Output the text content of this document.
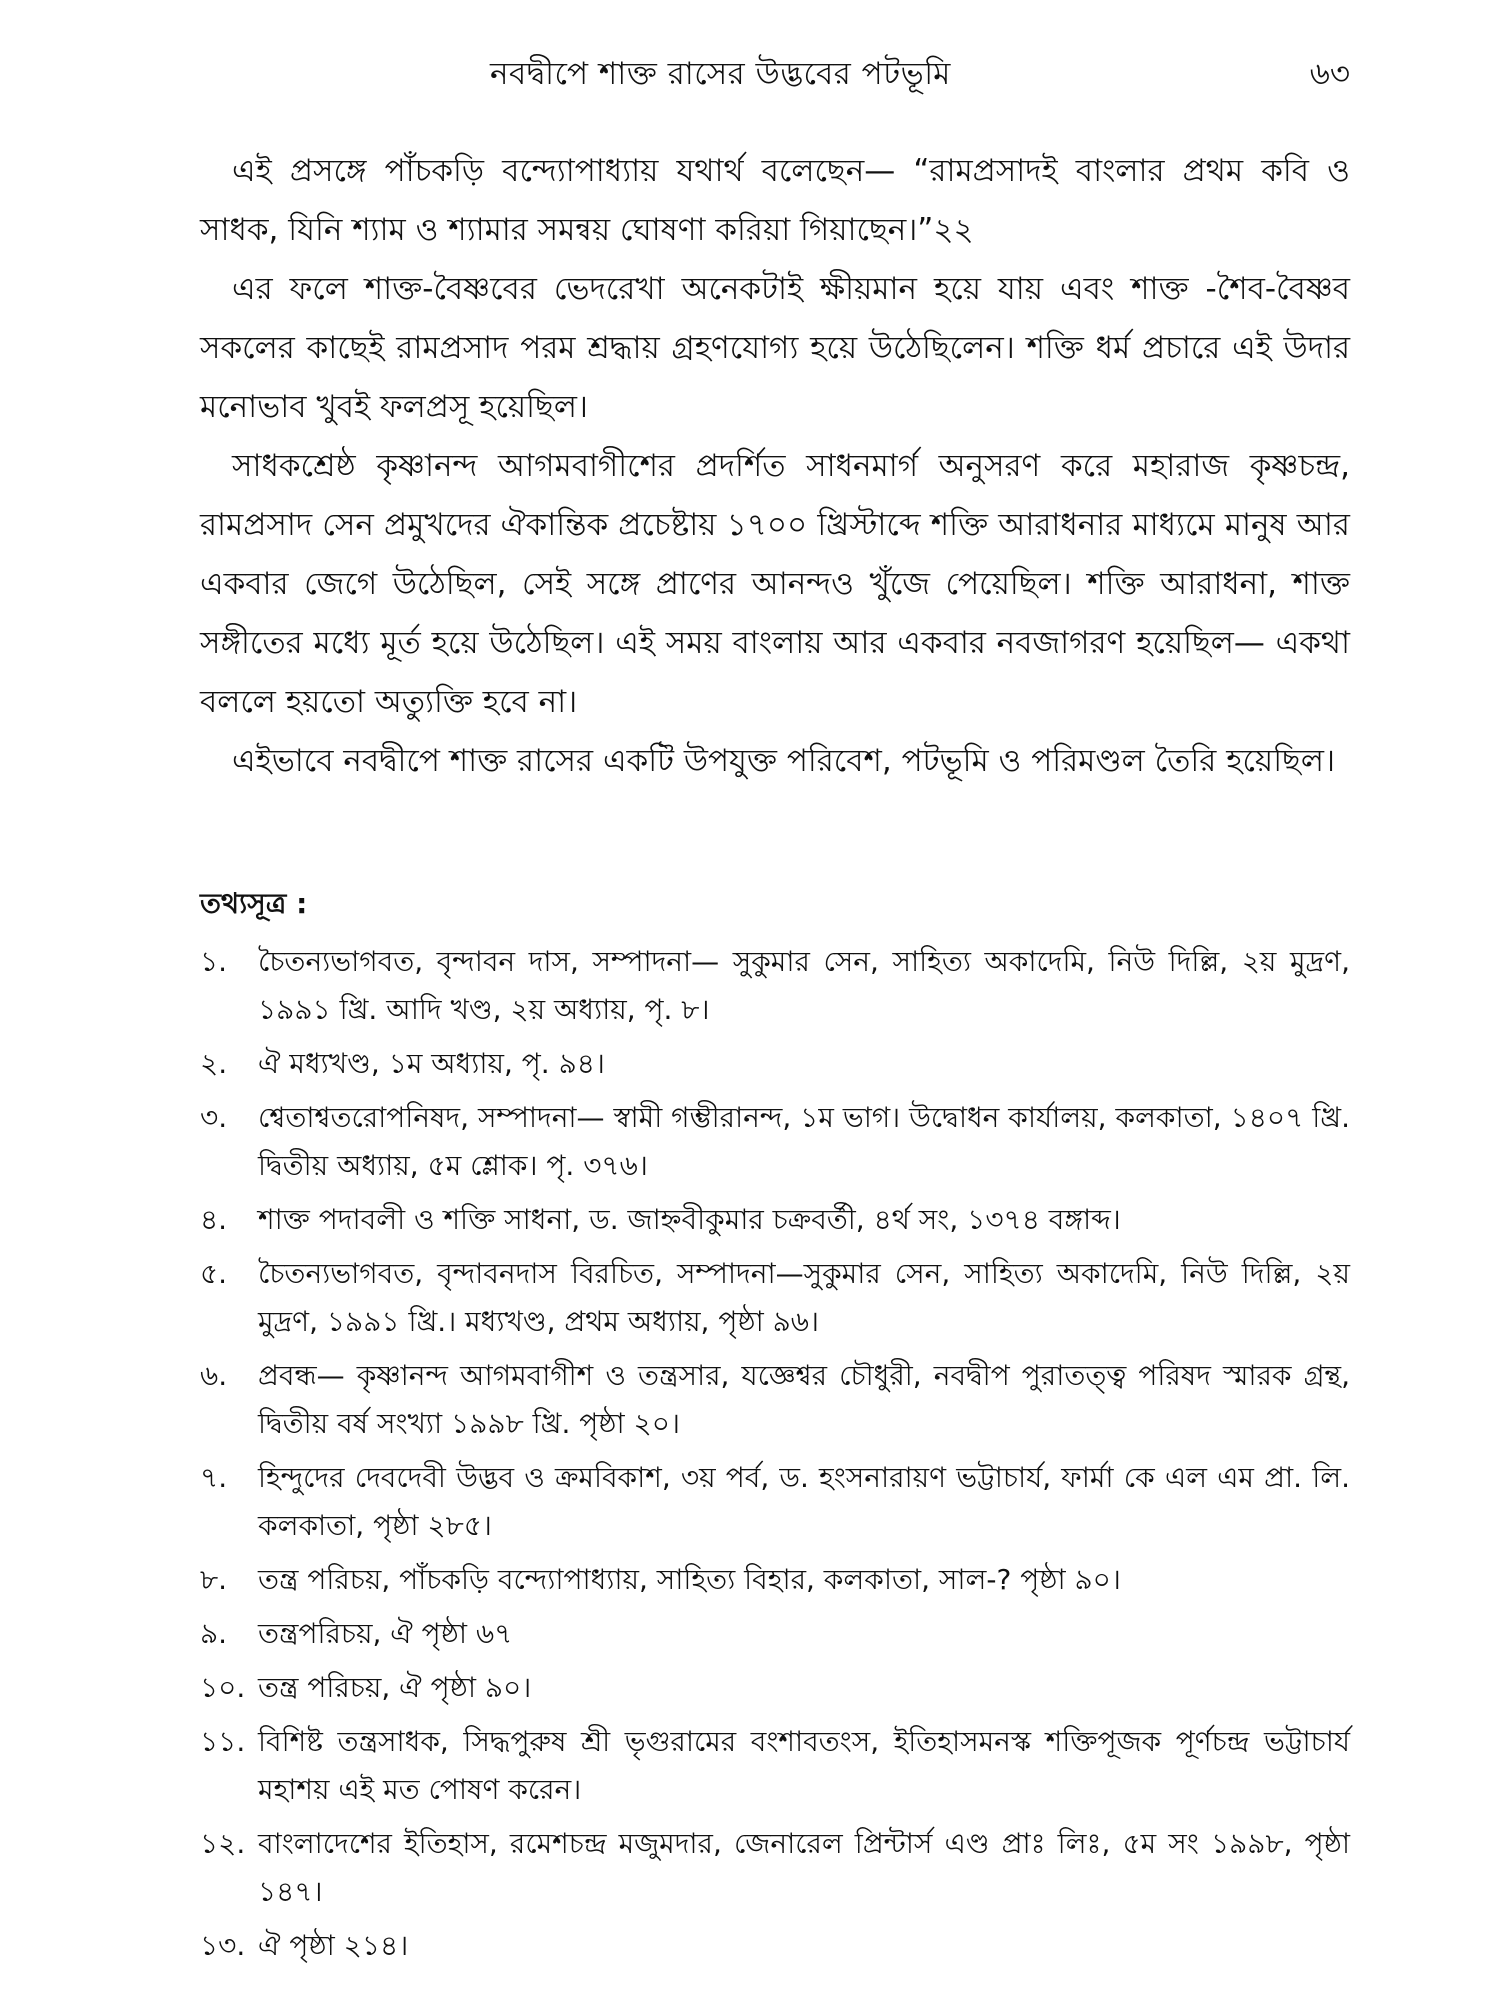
নবদ্বীপে শাক্ত রাসের উদ্ভবের পটভূমি	৬৩

এই প্রসঙ্গে পাঁচকড়ি বন্দ্যোপাধ্যায় যথার্থ বলেছেন— “রামপ্রসাদই বাংলার প্রথম কবি ও সাধক, যিনি শ্যাম ও শ্যামার সমন্বয় ঘোষণা করিয়া গিয়াছেন।”২২

এর ফলে শাক্ত-বৈষ্ণবের ভেদরেখা অনেকটাই ক্ষীয়মান হয়ে যায় এবং শাক্ত -শৈব-বৈষ্ণব সকলের কাছেই রামপ্রসাদ পরম শ্রদ্ধায় গ্রহণযোগ্য হয়ে উঠেছিলেন। শক্তি ধর্ম প্রচারে এই উদার মনোভাব খুবই ফলপ্রসূ হয়েছিল।

সাধকশ্রেষ্ঠ কৃষ্ণানন্দ আগমবাগীশের প্রদর্শিত সাধনমার্গ অনুসরণ করে মহারাজ কৃষ্ণচন্দ্র, রামপ্রসাদ সেন প্রমুখদের ঐকান্তিক প্রচেষ্টায় ১৭০০ খ্রিস্টাব্দে শক্তি আরাধনার মাধ্যমে মানুষ আর একবার জেগে উঠেছিল, সেই সঙ্গে প্রাণের আনন্দও খুঁজে পেয়েছিল। শক্তি আরাধনা, শাক্ত সঙ্গীতের মধ্যে মূর্ত হয়ে উঠেছিল। এই সময় বাংলায় আর একবার নবজাগরণ হয়েছিল— একথা বললে হয়তো অত্যুক্তি হবে না।

এইভাবে নবদ্বীপে শাক্ত রাসের একটি উপযুক্ত পরিবেশ, পটভূমি ও পরিমণ্ডল তৈরি হয়েছিল।

তথ্যসূত্র :
১.	চৈতন্যভাগবত, বৃন্দাবন দাস, সম্পাদনা— সুকুমার সেন, সাহিত্য অকাদেমি, নিউ দিল্লি, ২য় মুদ্রণ, ১৯৯১ খ্রি. আদি খণ্ড, ২য় অধ্যায়, পৃ. ৮।
২.	ঐ মধ্যখণ্ড, ১ম অধ্যায়, পৃ. ৯৪।
৩.	শ্বেতাশ্বতরোপনিষদ, সম্পাদনা— স্বামী গম্ভীরানন্দ, ১ম ভাগ। উদ্বোধন কার্যালয়, কলকাতা, ১৪০৭ খ্রি. দ্বিতীয় অধ্যায়, ৫ম শ্লোক। পৃ. ৩৭৬।
৪.	শাক্ত পদাবলী ও শক্তি সাধনা, ড. জাহ্নবীকুমার চক্রবর্তী, ৪র্থ সং, ১৩৭৪ বঙ্গাব্দ।
৫.	চৈতন্যভাগবত, বৃন্দাবনদাস বিরচিত, সম্পাদনা—সুকুমার সেন, সাহিত্য অকাদেমি, নিউ দিল্লি, ২য় মুদ্রণ, ১৯৯১ খ্রি.। মধ্যখণ্ড, প্রথম অধ্যায়, পৃষ্ঠা ৯৬।
৬.	প্রবন্ধ— কৃষ্ণানন্দ আগমবাগীশ ও তন্ত্রসার, যজ্ঞেশ্বর চৌধুরী, নবদ্বীপ পুরাতত্ত্ব পরিষদ স্মারক গ্রন্থ, দ্বিতীয় বর্ষ সংখ্যা ১৯৯৮ খ্রি. পৃষ্ঠা ২০।
৭.	হিন্দুদের দেবদেবী উদ্ভব ও ক্রমবিকাশ, ৩য় পর্ব, ড. হংসনারায়ণ ভট্টাচার্য, ফার্মা কে এল এম প্রা. লি. কলকাতা, পৃষ্ঠা ২৮৫।
৮.	তন্ত্র পরিচয়, পাঁচকড়ি বন্দ্যোপাধ্যায়, সাহিত্য বিহার, কলকাতা, সাল-? পৃষ্ঠা ৯০।
৯.	তন্ত্রপরিচয়, ঐ পৃষ্ঠা ৬৭
১০. তন্ত্র পরিচয়, ঐ পৃষ্ঠা ৯০।
১১. বিশিষ্ট তন্ত্রসাধক, সিদ্ধপুরুষ শ্রী ভৃগুরামের বংশাবতংস, ইতিহাসমনস্ক শক্তিপূজক পূর্ণচন্দ্র ভট্টাচার্য মহাশয় এই মত পোষণ করেন।
১২. বাংলাদেশের ইতিহাস, রমেশচন্দ্র মজুমদার, জেনারেল প্রিন্টার্স এণ্ড প্রাঃ লিঃ, ৫ম সং ১৯৯৮, পৃষ্ঠা ১৪৭।
১৩. ঐ পৃষ্ঠা ২১৪।
